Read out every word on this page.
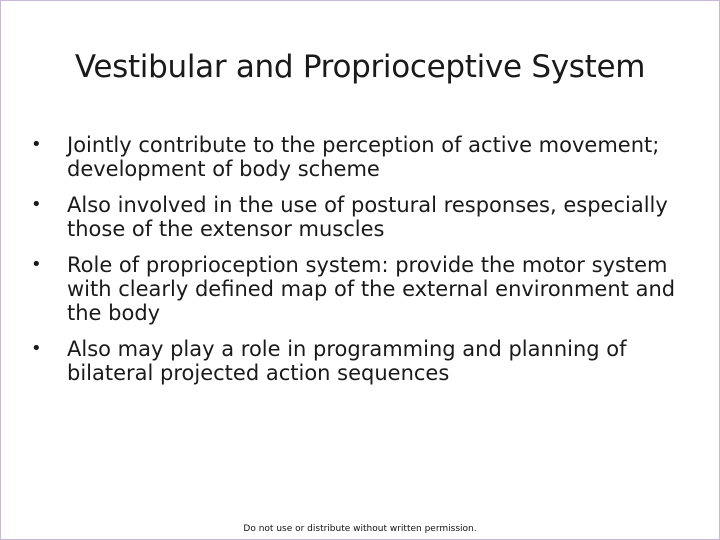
Vestibular and Proprioceptive System
• Jointly contribute to the perception of active movement; development of body scheme
• Also involved in the use of postural responses, especially those of the extensor muscles
• Role of proprioception system: provide the motor system with clearly defined map of the external environment and the body
• Also may play a role in programming and planning of bilateral projected action sequences
Do not use or distribute without written permission.
